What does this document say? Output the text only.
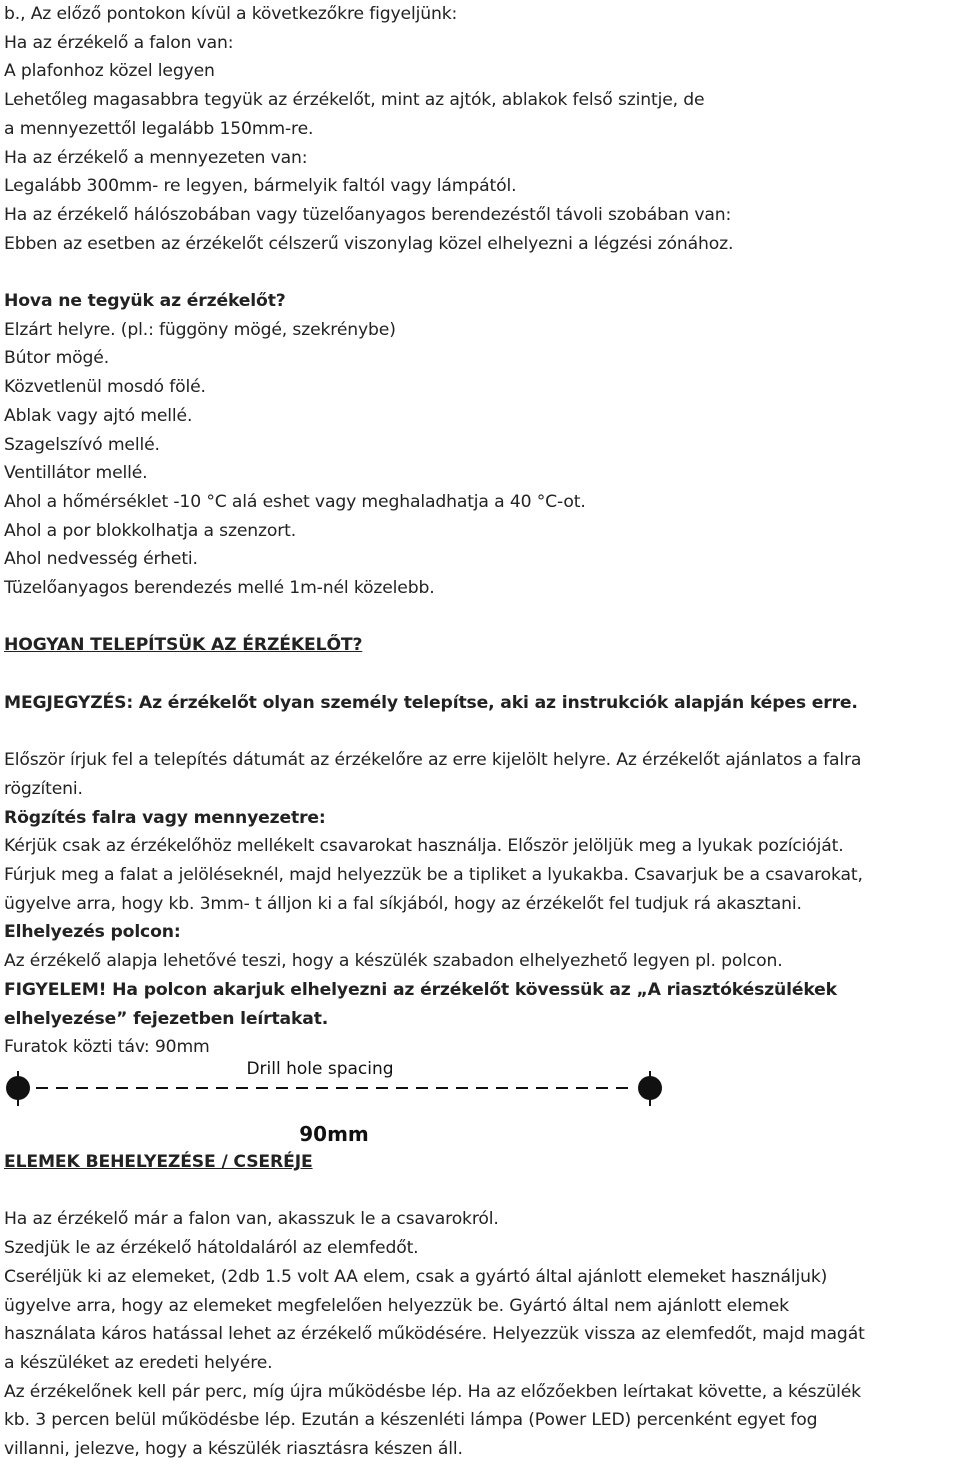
b., Az előző pontokon kívül a következőkre figyeljünk:
Ha az érzékelő a falon van:
A plafonhoz közel legyen
Lehetőleg magasabbra tegyük az érzékelőt, mint az ajtók, ablakok felső szintje, de
a mennyezettől legalább 150mm-re.
Ha az érzékelő a mennyezeten van:
Legalább 300mm- re legyen, bármelyik faltól vagy lámpától.
Ha az érzékelő hálószobában vagy tüzelőanyagos berendezéstől távoli szobában van:
Ebben az esetben az érzékelőt célszerű viszonylag közel elhelyezni a légzési zónához.
Hova ne tegyük az érzékelőt?
Elzárt helyre. (pl.: függöny mögé, szekrénybe)
Bútor mögé.
Közvetlenül mosdó fölé.
Ablak vagy ajtó mellé.
Szagelszívó mellé.
Ventillátor mellé.
Ahol a hőmérséklet -10 °C alá eshet vagy meghaladhatja a 40 °C-ot.
Ahol a por blokkolhatja a szenzort.
Ahol nedvesség érheti.
Tüzelőanyagos berendezés mellé 1m-nél közelebb.
HOGYAN TELEPÍTSÜK AZ ÉRZÉKELŐT?
MEGJEGYZÉS: Az érzékelőt olyan személy telepítse, aki az instrukciók alapján képes erre.
Először írjuk fel a telepítés dátumát az érzékelőre az erre kijelölt helyre. Az érzékelőt ajánlatos a falra
rögzíteni.
Rögzítés falra vagy mennyezetre:
Kérjük csak az érzékelőhöz mellékelt csavarokat használja. Először jelöljük meg a lyukak pozícióját.
Fúrjuk meg a falat a jelöléseknél, majd helyezzük be a tipliket a lyukakba. Csavarjuk be a csavarokat,
ügyelve arra, hogy kb. 3mm- t álljon ki a fal síkjából, hogy az érzékelőt fel tudjuk rá akasztani.
Elhelyezés polcon:
Az érzékelő alapja lehetővé teszi, hogy a készülék szabadon elhelyezhető legyen pl. polcon.
FIGYELEM! Ha polcon akarjuk elhelyezni az érzékelőt kövessük az „A riasztókészülékek
elhelyezése” fejezetben leírtakat.
Furatok közti táv: 90mm
Drill hole spacing
90mm
ELEMEK BEHELYEZÉSE / CSERÉJE
Ha az érzékelő már a falon van, akasszuk le a csavarokról.
Szedjük le az érzékelő hátoldaláról az elemfedőt.
Cseréljük ki az elemeket, (2db 1.5 volt AA elem, csak a gyártó által ajánlott elemeket használjuk)
ügyelve arra, hogy az elemeket megfelelően helyezzük be. Gyártó által nem ajánlott elemek
használata káros hatással lehet az érzékelő működésére. Helyezzük vissza az elemfedőt, majd magát
a készüléket az eredeti helyére.
Az érzékelőnek kell pár perc, míg újra működésbe lép. Ha az előzőekben leírtakat követte, a készülék
kb. 3 percen belül működésbe lép. Ezután a készenléti lámpa (Power LED) percenként egyet fog
villanni, jelezve, hogy a készülék riasztásra készen áll.
